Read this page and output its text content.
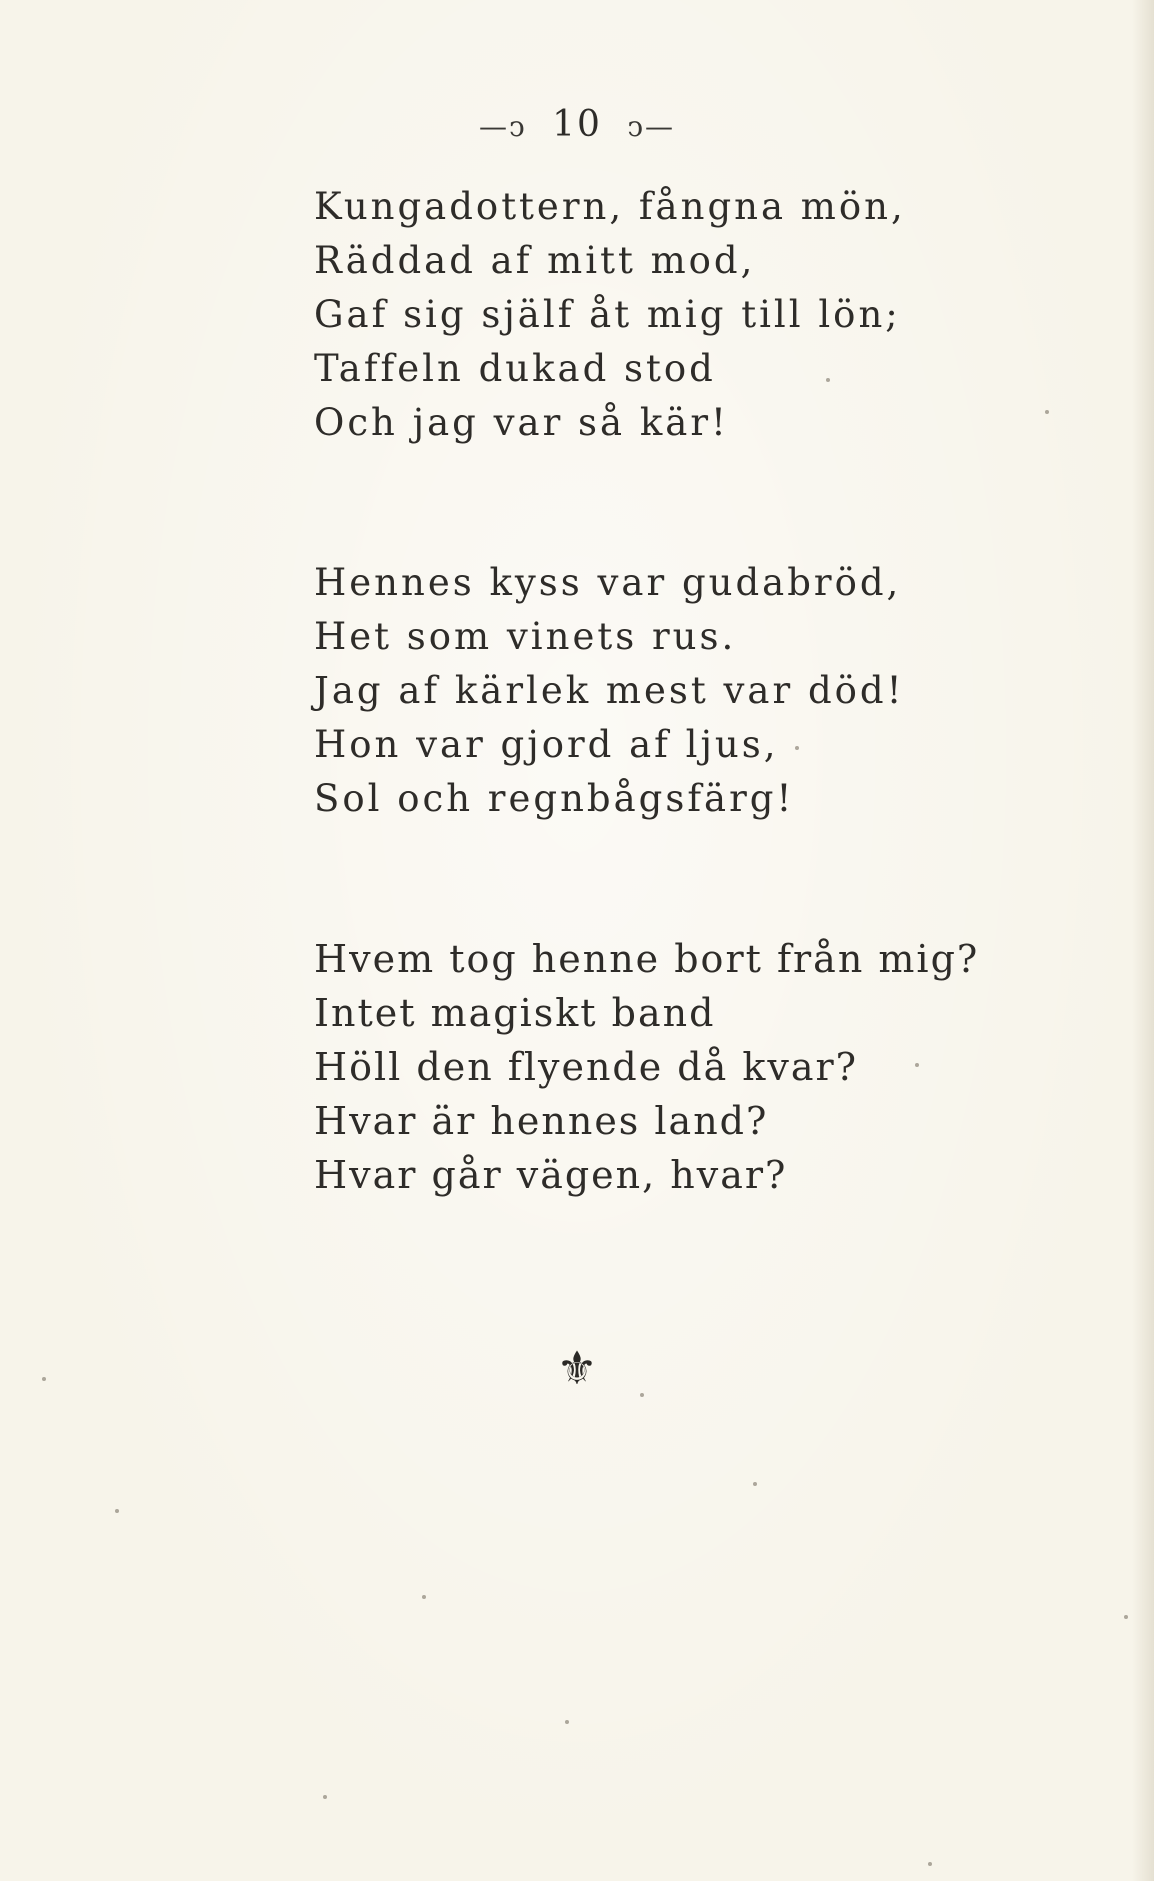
—ↄ 10 ↄ—
Kungadottern, fångna mön,
Räddad af mitt mod,
Gaf sig själf åt mig till lön;
Taffeln dukad stod
Och jag var så kär!
Hennes kyss var gudabröd,
Het som vinets rus.
Jag af kärlek mest var död!
Hon var gjord af ljus,
Sol och regnbågsfärg!
Hvem tog henne bort från mig?
Intet magiskt band
Höll den flyende då kvar?
Hvar är hennes land?
Hvar går vägen, hvar?
⚜
